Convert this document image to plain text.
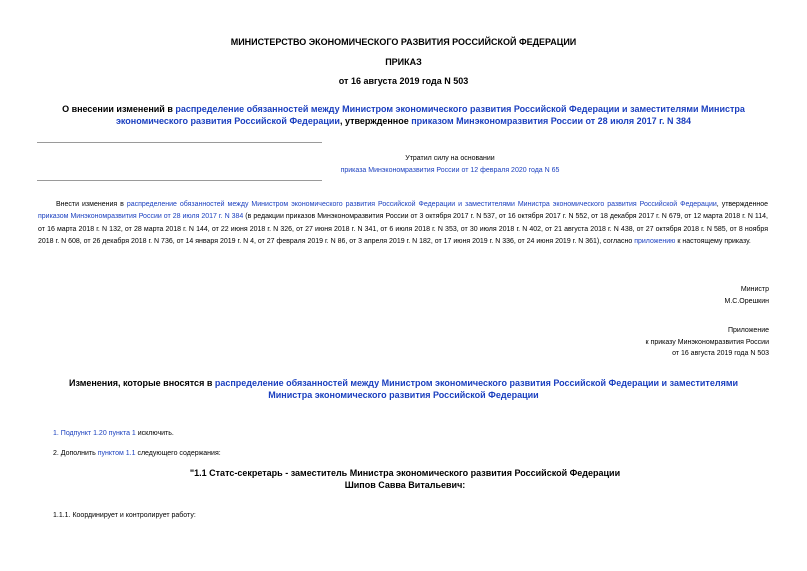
МИНИСТЕРСТВО ЭКОНОМИЧЕСКОГО РАЗВИТИЯ РОССИЙСКОЙ ФЕДЕРАЦИИ
ПРИКАЗ
от 16 августа 2019 года N 503
О внесении изменений в распределение обязанностей между Министром экономического развития Российской Федерации и заместителями Министра экономического развития Российской Федерации, утвержденное приказом Минэкономразвития России от 28 июля 2017 г. N 384
Утратил силу на основании
приказа Минэкономразвития России от 12 февраля 2020 года N 65
Внести изменения в распределение обязанностей между Министром экономического развития Российской Федерации и заместителями Министра экономического развития Российской Федерации, утвержденное приказом Минэкономразвития России от 28 июля 2017 г. N 384 (в редакции приказов Минэкономразвития России от 3 октября 2017 г. N 537, от 16 октября 2017 г. N 552, от 18 декабря 2017 г. N 679, от 12 марта 2018 г. N 114, от 16 марта 2018 г. N 132, от 28 марта 2018 г. N 144, от 22 июня 2018 г. N 326, от 27 июня 2018 г. N 341, от 6 июля 2018 г. N 353, от 30 июля 2018 г. N 402, от 21 августа 2018 г. N 438, от 27 октября 2018 г. N 585, от 8 ноября 2018 г. N 608, от 26 декабря 2018 г. N 736, от 14 января 2019 г. N 4, от 27 февраля 2019 г. N 86, от 3 апреля 2019 г. N 182, от 17 июня 2019 г. N 336, от 24 июня 2019 г. N 361), согласно приложению к настоящему приказу.
Министр
М.С.Орешкин
Приложение
к приказу Минэкономразвития России
от 16 августа 2019 года N 503
Изменения, которые вносятся в распределение обязанностей между Министром экономического развития Российской Федерации и заместителями Министра экономического развития Российской Федерации
1. Подпункт 1.20 пункта 1 исключить.
2. Дополнить пунктом 1.1 следующего содержания:
"1.1 Статс-секретарь - заместитель Министра экономического развития Российской Федерации
Шипов Савва Витальевич:
1.1.1. Координирует и контролирует работу:
